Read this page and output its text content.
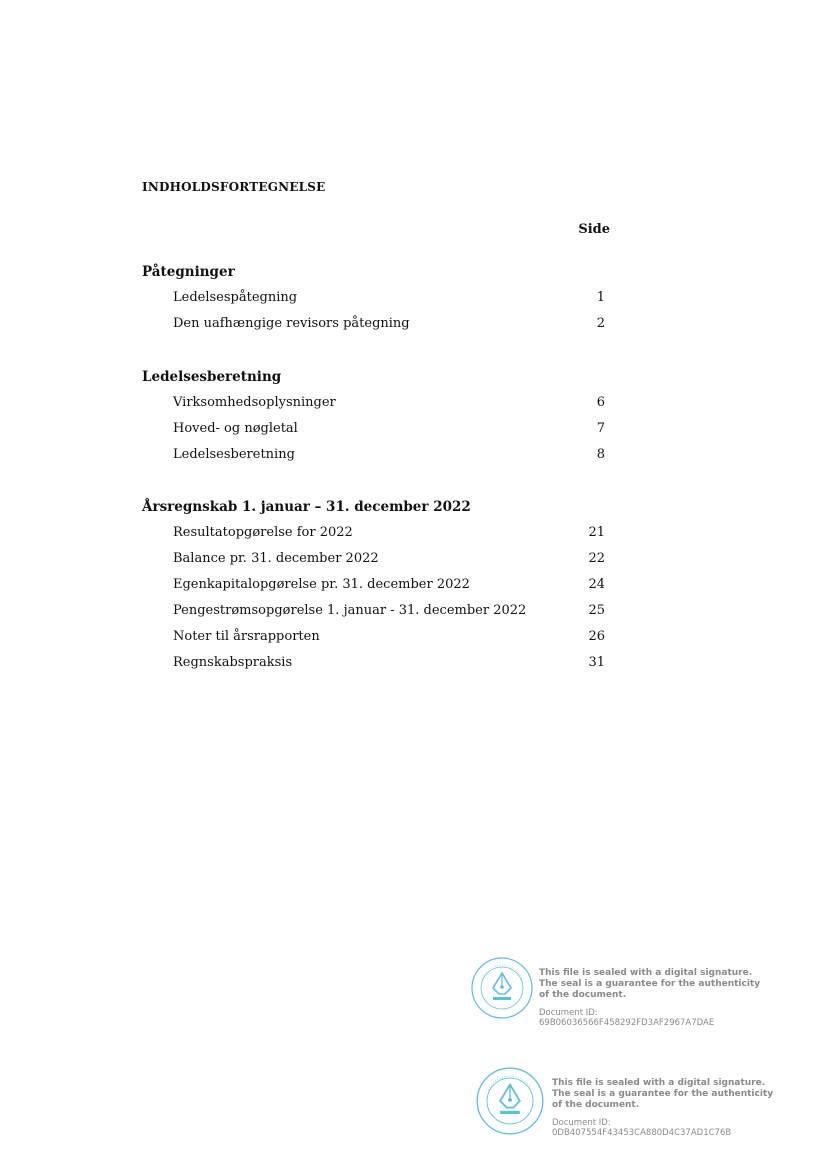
INDHOLDSFORTEGNELSE
Side
Påtegninger
Ledelsespåtegning	1
Den uafhængige revisors påtegning	2
Ledelsesberetning
Virksomhedsoplysninger	6
Hoved- og nøgletal	7
Ledelsesberetning	8
Årsregnskab 1. januar – 31. december 2022
Resultatopgørelse for 2022	21
Balance pr. 31. december 2022	22
Egenkapitalopgørelse pr. 31. december 2022	24
Pengestrømsopgørelse 1. januar - 31. december 2022	25
Noter til årsrapporten	26
Regnskabspraksis	31
This file is sealed with a digital signature.
The seal is a guarantee for the authenticity
of the document.
Document ID:
69B06036566F458292FD3AF2967A7DAE
This file is sealed with a digital signature.
The seal is a guarantee for the authenticity
of the document.
Document ID:
0DB407554F43453CA880D4C37AD1C76B
